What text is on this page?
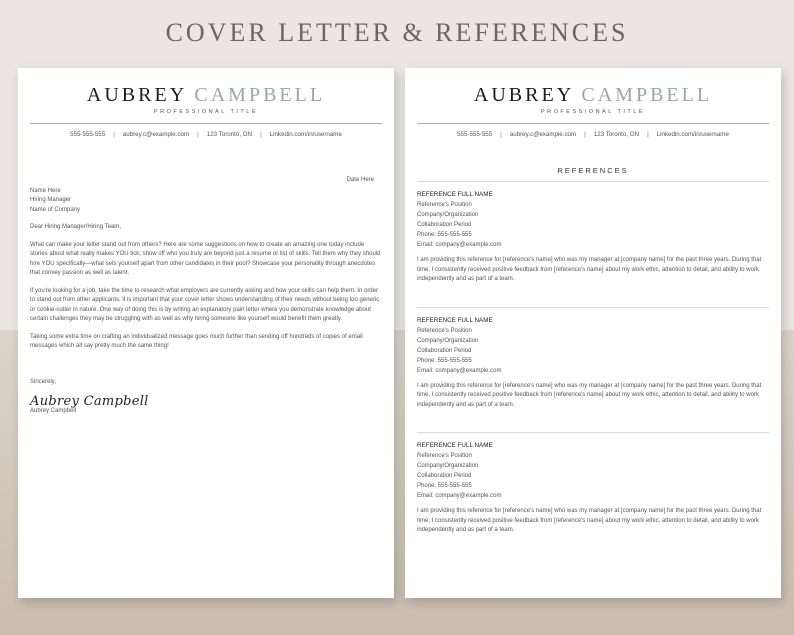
COVER LETTER & REFERENCES
AUBREY CAMPBELL
PROFESSIONAL TITLE
555-555-555 | aubrey.c@example.com | 123 Toronto, ON | Linkedin.com/in/username
Date Here
Name Here
Hiring Manager
Name of Company
Dear Hiring Manager/Hiring Team,
What can make your letter stand out from others? Here are some suggestions on how to create an amazing one today include stories about what really makes YOU tick; show off who you truly are beyond just a resume or list of skills. Tell them why they should hire YOU specifically—what sets yourself apart from other candidates in their pool? Showcase your personality through anecdotes that convey passion as well as talent.
If you're looking for a job, take the time to research what employers are currently asking and how your skills can help them. In order to stand out from other applicants, it is important that your cover letter shows understanding of their needs without being too generic or cookie-cutter in nature. One way of doing this is by writing an explanatory pain letter where you demonstrate knowledge about certain challenges they may be struggling with as well as why hiring someone like yourself would benefit them greatly.
Taking some extra time on crafting an individualized message goes much further than sending off hundreds of copies of email messages which all say pretty much the same thing!
Sincerely,
Aubrey Campbell
Aubrey Campbell
AUBREY CAMPBELL
PROFESSIONAL TITLE
555-555-555 | aubrey.c@example.com | 123 Toronto, ON | Linkedin.com/in/username
REFERENCES
REFERENCE FULL NAME
Reference's Position
Company/Organization
Collaboration Period
Phone: 555-555-555
Email: company@example.com
I am providing this reference for [reference's name] who was my manager at [company name] for the past three years. During that time, I consistently received positive feedback from [reference's name] about my work ethic, attention to detail, and ability to work independently and as part of a team.
REFERENCE FULL NAME
Reference's Position
Company/Organization
Collaboration Period
Phone: 555-555-555
Email: company@example.com
I am providing this reference for [reference's name] who was my manager at [company name] for the past three years. During that time, I consistently received positive feedback from [reference's name] about my work ethic, attention to detail, and ability to work independently and as part of a team.
REFERENCE FULL NAME
Reference's Position
Company/Organization
Collaboration Period
Phone: 555-555-555
Email: company@example.com
I am providing this reference for [reference's name] who was my manager at [company name] for the past three years. During that time, I consistently received positive feedback from [reference's name] about my work ethic, attention to detail, and ability to work independently and as part of a team.
